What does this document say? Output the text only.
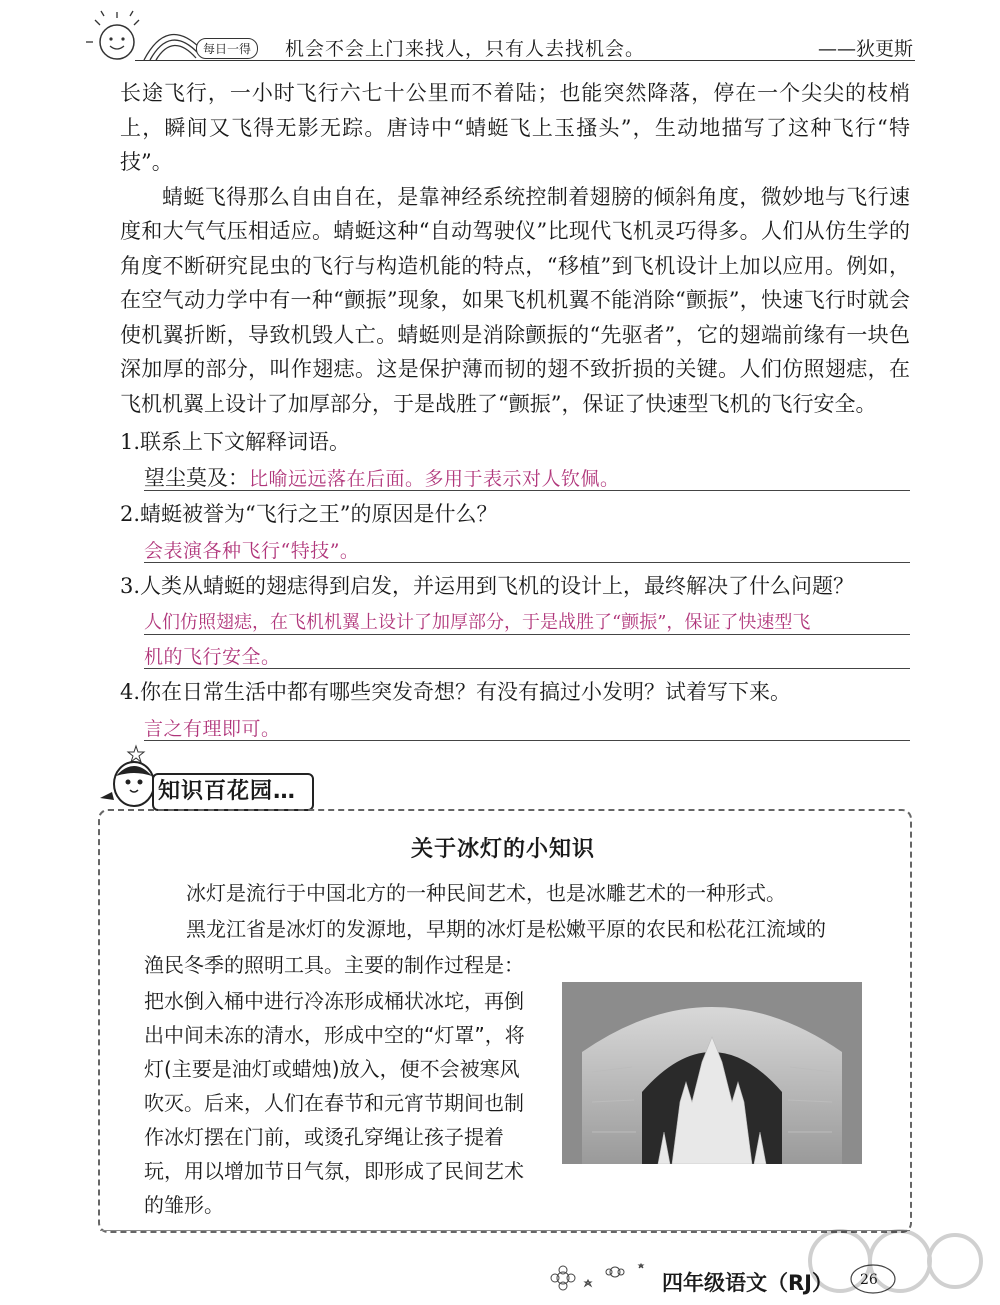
每日一得	机会不会上门来找人，只有人去找机会。	——狄更斯

长途飞行，一小时飞行六七十公里而不着陆；也能突然降落，停在一个尖尖的枝梢上，瞬间又飞得无影无踪。唐诗中“蜻蜓飞上玉搔头”，生动地描写了这种飞行“特技”。

蜻蜓飞得那么自由自在，是靠神经系统控制着翅膀的倾斜角度，微妙地与飞行速度和大气气压相适应。蜻蜓这种“自动驾驶仪”比现代飞机灵巧得多。人们从仿生学的角度不断研究昆虫的飞行与构造机能的特点，“移植”到飞机设计上加以应用。例如，在空气动力学中有一种“颤振”现象，如果飞机机翼不能消除“颤振”，快速飞行时就会使机翼折断，导致机毁人亡。蜻蜓则是消除颤振的“先驱者”，它的翅端前缘有一块色深加厚的部分，叫作翅痣。这是保护薄而韧的翅不致折损的关键。人们仿照翅痣，在飞机机翼上设计了加厚部分，于是战胜了“颤振”，保证了快速型飞机的飞行安全。

1.联系上下文解释词语。
望尘莫及：比喻远远落在后面。多用于表示对人钦佩。
2.蜻蜓被誉为“飞行之王”的原因是什么？
会表演各种飞行“特技”。
3.人类从蜻蜓的翅痣得到启发，并运用到飞机的设计上，最终解决了什么问题？
人们仿照翅痣，在飞机机翼上设计了加厚部分，于是战胜了“颤振”，保证了快速型飞
机的飞行安全。
4.你在日常生活中都有哪些突发奇想？有没有搞过小发明？试着写下来。
言之有理即可。
知识百花园…
关于冰灯的小知识
冰灯是流行于中国北方的一种民间艺术，也是冰雕艺术的一种形式。
黑龙江省是冰灯的发源地，早期的冰灯是松嫩平原的农民和松花江流域的
渔民冬季的照明工具。主要的制作过程是：
把水倒入桶中进行冷冻形成桶状冰坨，再倒
出中间未冻的清水，形成中空的“灯罩”，将
灯(主要是油灯或蜡烛)放入，便不会被寒风
吹灭。后来，人们在春节和元宵节期间也制
作冰灯摆在门前，或烫孔穿绳让孩子提着
玩，用以增加节日气氛，即形成了民间艺术
的雏形。
四年级语文（RJ） 26
